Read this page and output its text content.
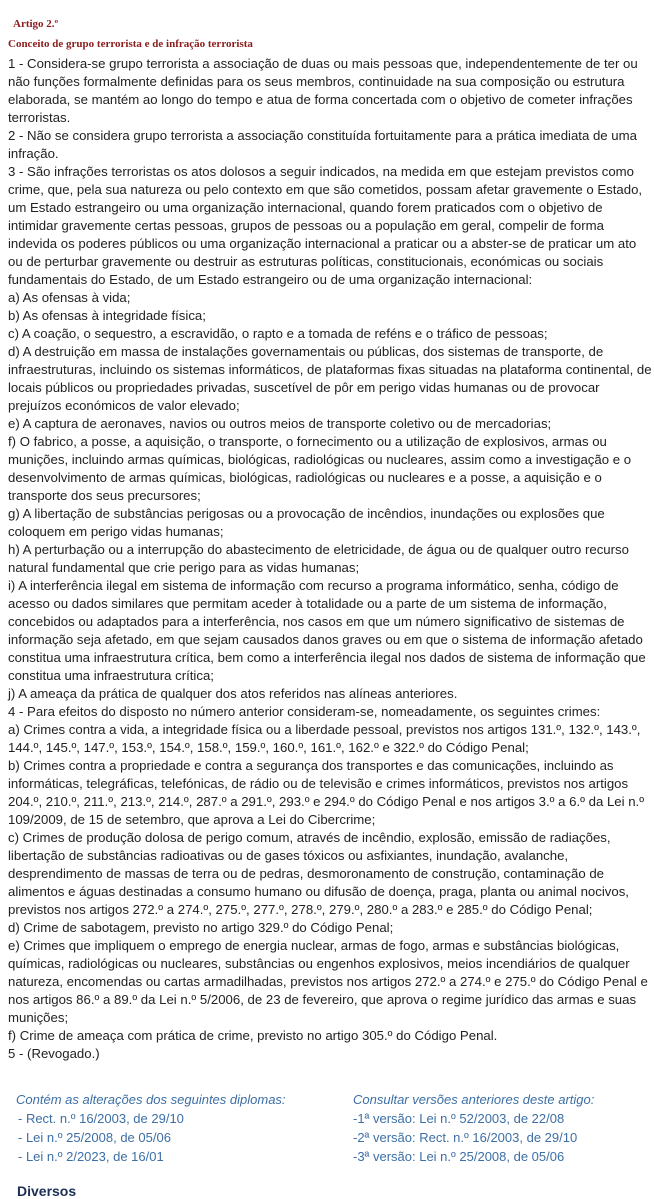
Artigo 2.º
Conceito de grupo terrorista e de infração terrorista

1 - Considera-se grupo terrorista a associação de duas ou mais pessoas que, independentemente de ter ou não funções formalmente definidas para os seus membros, continuidade na sua composição ou estrutura elaborada, se mantém ao longo do tempo e atua de forma concertada com o objetivo de cometer infrações terroristas.

2 - Não se considera grupo terrorista a associação constituída fortuitamente para a prática imediata de uma infração.

3 - São infrações terroristas os atos dolosos a seguir indicados, na medida em que estejam previstos como crime, que, pela sua natureza ou pelo contexto em que são cometidos, possam afetar gravemente o Estado, um Estado estrangeiro ou uma organização internacional, quando forem praticados com o objetivo de intimidar gravemente certas pessoas, grupos de pessoas ou a população em geral, compelir de forma indevida os poderes públicos ou uma organização internacional a praticar ou a abster-se de praticar um ato ou de perturbar gravemente ou destruir as estruturas políticas, constitucionais, económicas ou sociais fundamentais do Estado, de um Estado estrangeiro ou de uma organização internacional:

a) As ofensas à vida;

b) As ofensas à integridade física;

c) A coação, o sequestro, a escravidão, o rapto e a tomada de reféns e o tráfico de pessoas;

d) A destruição em massa de instalações governamentais ou públicas, dos sistemas de transporte, de infraestruturas, incluindo os sistemas informáticos, de plataformas fixas situadas na plataforma continental, de locais públicos ou propriedades privadas, suscetível de pôr em perigo vidas humanas ou de provocar prejuízos económicos de valor elevado;

e) A captura de aeronaves, navios ou outros meios de transporte coletivo ou de mercadorias;

f) O fabrico, a posse, a aquisição, o transporte, o fornecimento ou a utilização de explosivos, armas ou munições, incluindo armas químicas, biológicas, radiológicas ou nucleares, assim como a investigação e o desenvolvimento de armas químicas, biológicas, radiológicas ou nucleares e a posse, a aquisição e o transporte dos seus precursores;

g) A libertação de substâncias perigosas ou a provocação de incêndios, inundações ou explosões que coloquem em perigo vidas humanas;

h) A perturbação ou a interrupção do abastecimento de eletricidade, de água ou de qualquer outro recurso natural fundamental que crie perigo para as vidas humanas;

i) A interferência ilegal em sistema de informação com recurso a programa informático, senha, código de acesso ou dados similares que permitam aceder à totalidade ou a parte de um sistema de informação, concebidos ou adaptados para a interferência, nos casos em que um número significativo de sistemas de informação seja afetado, em que sejam causados danos graves ou em que o sistema de informação afetado constitua uma infraestrutura crítica, bem como a interferência ilegal nos dados de sistema de informação que constitua uma infraestrutura crítica;

j) A ameaça da prática de qualquer dos atos referidos nas alíneas anteriores.

4 - Para efeitos do disposto no número anterior consideram-se, nomeadamente, os seguintes crimes:

a) Crimes contra a vida, a integridade física ou a liberdade pessoal, previstos nos artigos 131.º, 132.º, 143.º, 144.º, 145.º, 147.º, 153.º, 154.º, 158.º, 159.º, 160.º, 161.º, 162.º e 322.º do Código Penal;

b) Crimes contra a propriedade e contra a segurança dos transportes e das comunicações, incluindo as informáticas, telegráficas, telefónicas, de rádio ou de televisão e crimes informáticos, previstos nos artigos 204.º, 210.º, 211.º, 213.º, 214.º, 287.º a 291.º, 293.º e 294.º do Código Penal e nos artigos 3.º a 6.º da Lei n.º 109/2009, de 15 de setembro, que aprova a Lei do Cibercrime;

c) Crimes de produção dolosa de perigo comum, através de incêndio, explosão, emissão de radiações, libertação de substâncias radioativas ou de gases tóxicos ou asfixiantes, inundação, avalanche, desprendimento de massas de terra ou de pedras, desmoronamento de construção, contaminação de alimentos e águas destinadas a consumo humano ou difusão de doença, praga, planta ou animal nocivos, previstos nos artigos 272.º a 274.º, 275.º, 277.º, 278.º, 279.º, 280.º a 283.º e 285.º do Código Penal;

d) Crime de sabotagem, previsto no artigo 329.º do Código Penal;

e) Crimes que impliquem o emprego de energia nuclear, armas de fogo, armas e substâncias biológicas, químicas, radiológicas ou nucleares, substâncias ou engenhos explosivos, meios incendiários de qualquer natureza, encomendas ou cartas armadilhadas, previstos nos artigos 272.º a 274.º e 275.º do Código Penal e nos artigos 86.º a 89.º da Lei n.º 5/2006, de 23 de fevereiro, que aprova o regime jurídico das armas e suas munições;

f) Crime de ameaça com prática de crime, previsto no artigo 305.º do Código Penal.

5 - (Revogado.)

Contém as alterações dos seguintes diplomas:

- Rect. n.º 16/2003, de 29/10

- Lei n.º 25/2008, de 05/06

- Lei n.º 2/2023, de 16/01

Consultar versões anteriores deste artigo:

-1ª versão: Lei n.º 52/2003, de 22/08

-2ª versão: Rect. n.º 16/2003, de 29/10

-3ª versão: Lei n.º 25/2008, de 05/06

Diversos
